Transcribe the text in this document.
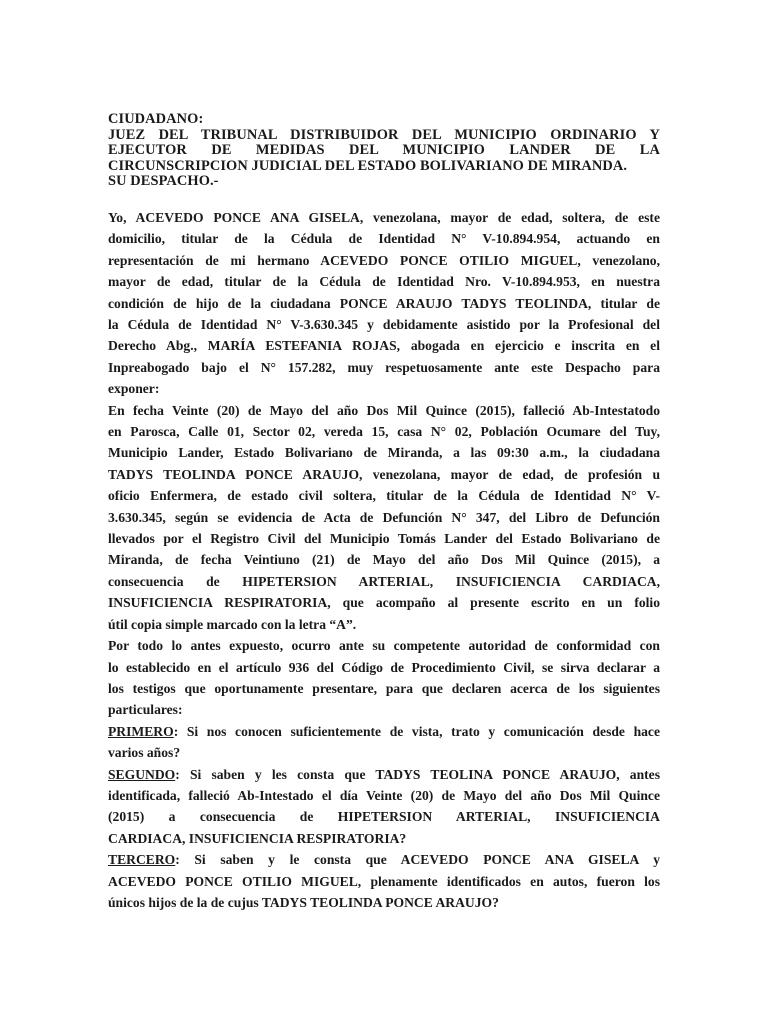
CIUDADANO:
JUEZ DEL TRIBUNAL DISTRIBUIDOR DEL MUNICIPIO ORDINARIO Y
EJECUTOR DE MEDIDAS DEL MUNICIPIO LANDER DE LA
CIRCUNSCRIPCION JUDICIAL DEL ESTADO BOLIVARIANO DE MIRANDA.
SU DESPACHO.-

Yo, ACEVEDO PONCE ANA GISELA, venezolana, mayor de edad, soltera, de este
domicilio, titular de la Cédula de Identidad N° V-10.894.954, actuando en
representación de mi hermano ACEVEDO PONCE OTILIO MIGUEL, venezolano,
mayor de edad, titular de la Cédula de Identidad Nro. V-10.894.953, en nuestra
condición de hijo de la ciudadana PONCE ARAUJO TADYS TEOLINDA, titular de
la Cédula de Identidad N° V-3.630.345 y debidamente asistido por la Profesional del
Derecho Abg., MARÍA ESTEFANIA ROJAS, abogada en ejercicio e inscrita en el
Inpreabogado bajo el N° 157.282, muy respetuosamente ante este Despacho para
exponer:

En fecha Veinte (20) de Mayo del año Dos Mil Quince (2015), falleció Ab-Intestatodo
en Parosca, Calle 01, Sector 02, vereda 15, casa N° 02, Población Ocumare del Tuy,
Municipio Lander, Estado Bolivariano de Miranda, a las 09:30 a.m., la ciudadana
TADYS TEOLINDA PONCE ARAUJO, venezolana, mayor de edad, de profesión u
oficio Enfermera, de estado civil soltera, titular de la Cédula de Identidad N° V-
3.630.345, según se evidencia de Acta de Defunción N° 347, del Libro de Defunción
llevados por el Registro Civil del Municipio Tomás Lander del Estado Bolivariano de
Miranda, de fecha Veintiuno (21) de Mayo del año Dos Mil Quince (2015), a
consecuencia de HIPETERSION ARTERIAL, INSUFICIENCIA CARDIACA,
INSUFICIENCIA RESPIRATORIA, que acompaño al presente escrito en un folio
útil copia simple marcado con la letra “A”.

Por todo lo antes expuesto, ocurro ante su competente autoridad de conformidad con
lo establecido en el artículo 936 del Código de Procedimiento Civil, se sirva declarar a
los testigos que oportunamente presentare, para que declaren acerca de los siguientes
particulares:

PRIMERO: Si nos conocen suficientemente de vista, trato y comunicación desde hace
varios años?

SEGUNDO: Si saben y les consta que TADYS TEOLINA PONCE ARAUJO, antes
identificada, falleció Ab-Intestado el día Veinte (20) de Mayo del año Dos Mil Quince
(2015) a consecuencia de HIPETERSION ARTERIAL, INSUFICIENCIA
CARDIACA, INSUFICIENCIA RESPIRATORIA?

TERCERO: Si saben y le consta que ACEVEDO PONCE ANA GISELA y
ACEVEDO PONCE OTILIO MIGUEL, plenamente identificados en autos, fueron los
únicos hijos de la de cujus TADYS TEOLINDA PONCE ARAUJO?
